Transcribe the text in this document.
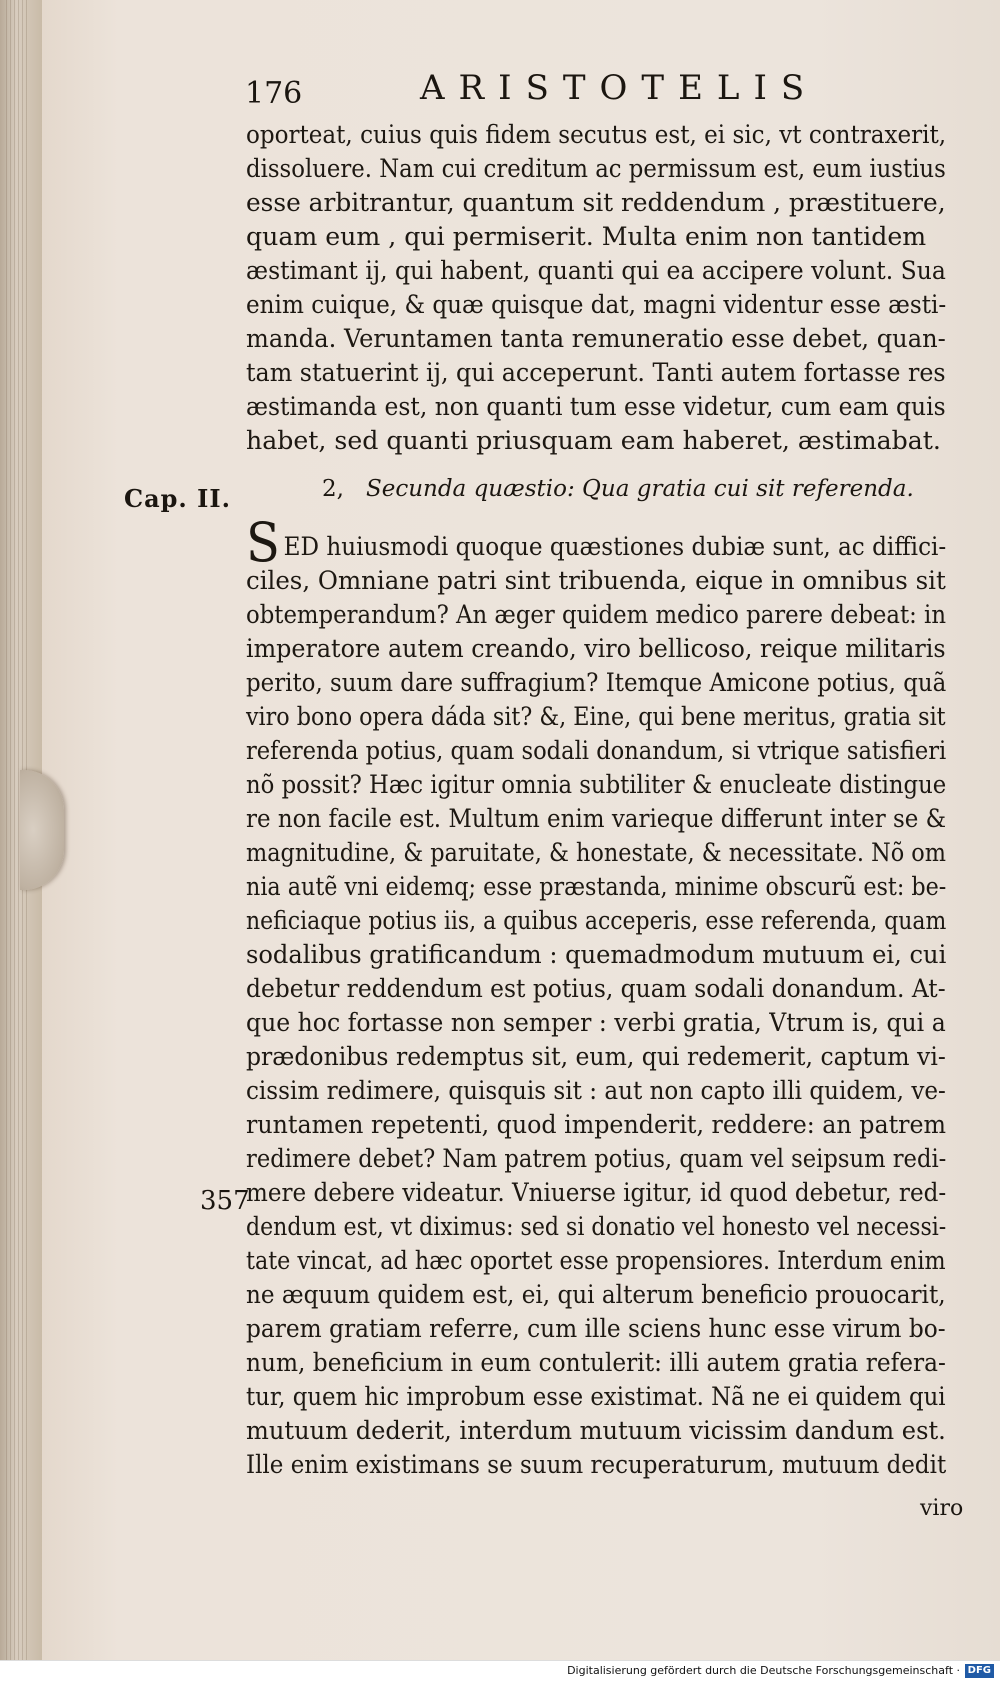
176	ARISTOTELIS
oporteat, cuius quis fidem secutus est, ei sic, vt contraxerit,
dissoluere. Nam cui creditum ac permissum est, eum iustius
esse arbitrantur, quantum sit reddendum , præstituere,
quam eum , qui permiserit. Multa enim non tantidem
æstimant ij, qui habent, quanti qui ea accipere volunt. Sua
enim cuique, & quæ quisque dat, magni videntur esse æsti-
manda. Veruntamen tanta remuneratio esse debet, quan-
tam statuerint ij, qui acceperunt. Tanti autem fortasse res
æstimanda est, non quanti tum esse videtur, cum eam quis
habet, sed quanti priusquam eam haberet, æstimabat.
Cap. II.	2, Secunda quæstio: Qua gratia cui sit referenda.
SED huiusmodi quoque quæstiones dubiæ sunt, ac diffici-
ciles, Omniane patri sint tribuenda, eique in omnibus sit
obtemperandum? An æger quidem medico parere debeat: in
imperatore autem creando, viro bellicoso, reique militaris
perito, suum dare suffragium? Itemque Amicone potius, quã
viro bono opera dáda sit? &, Eine, qui bene meritus, gratia sit
referenda potius, quam sodali donandum, si vtrique satisfieri
nõ possit? Hæc igitur omnia subtiliter & enucleate distingue
re non facile est. Multum enim varieque differunt inter se &
magnitudine, & paruitate, & honestate, & necessitate. Nõ om
nia autẽ vni eidemq; esse præstanda, minime obscurũ est: be-
neficiaque potius iis, a quibus acceperis, esse referenda, quam
sodalibus gratificandum : quemadmodum mutuum ei, cui
debetur reddendum est potius, quam sodali donandum. At-
que hoc fortasse non semper : verbi gratia, Vtrum is, qui a
prædonibus redemptus sit, eum, qui redemerit, captum vi-
cissim redimere, quisquis sit : aut non capto illi quidem, ve-
runtamen repetenti, quod impenderit, reddere: an patrem
redimere debet? Nam patrem potius, quam vel seipsum redi-
mere debere videatur. Vniuerse igitur, id quod debetur, red-
dendum est, vt diximus: sed si donatio vel honesto vel necessi-
tate vincat, ad hæc oportet esse propensiores. Interdum enim
ne æquum quidem est, ei, qui alterum beneficio prouocarit,
parem gratiam referre, cum ille sciens hunc esse virum bo-
num, beneficium in eum contulerit: illi autem gratia refera-
tur, quem hic improbum esse existimat. Nã ne ei quidem qui
mutuum dederit, interdum mutuum vicissim dandum est.
Ille enim existimans se suum recuperaturum, mutuum dedit
357
viro
Digitalisierung gefördert durch die Deutsche Forschungsgemeinschaft · DFG
